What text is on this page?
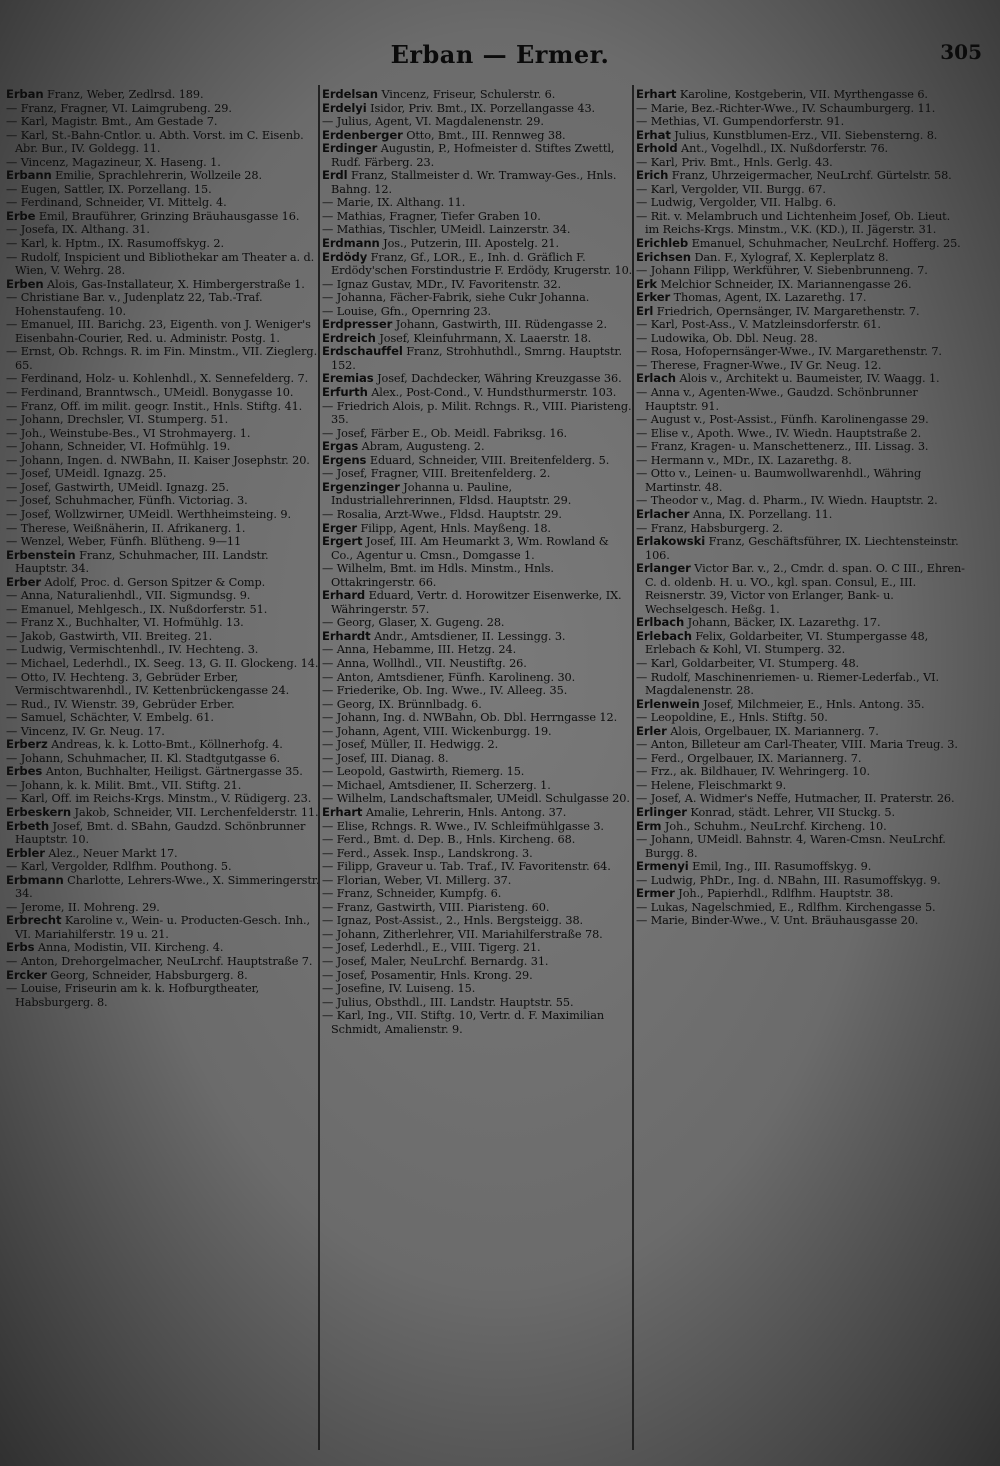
Erban — Ermer.	305

Erban Franz, Weber, Zedlrsd. 189.

— Franz, Fragner, VI. Laimgrubeng. 29.

— Karl, Magistr. Bmt., Am Gestade 7.

— Karl, St.-Bahn-Cntlor. u. Abth. Vorst. im C. Eisenb. Abr. Bur., IV. Goldegg. 11.

— Vincenz, Magazineur, X. Haseng. 1.

Erbann Emilie, Sprachlehrerin, Wollzeile 28.

— Eugen, Sattler, IX. Porzellang. 15.

— Ferdinand, Schneider, VI. Mittelg. 4.

Erbe Emil, Brauführer, Grinzing Bräuhausgasse 16.

— Josefa, IX. Althang. 31.

— Karl, k. Hptm., IX. Rasumoffskyg. 2.

— Rudolf, Inspicient und Bibliothekar am Theater a. d. Wien, V. Wehrg. 28.

Erben Alois, Gas-Installateur, X. Himbergerstraße 1.

— Christiane Bar. v., Judenplatz 22, Tab.-Traf. Hohenstaufeng. 10.

— Emanuel, III. Barichg. 23, Eigenth. von J. Weniger's Eisenbahn-Courier, Red. u. Administr. Postg. 1.

— Ernst, Ob. Rchngs. R. im Fin. Minstm., VII. Zieglerg. 65.

— Ferdinand, Holz- u. Kohlenhdl., X. Sennefelderg. 7.

— Ferdinand, Branntwsch., UMeidl. Bonygasse 10.

— Franz, Off. im milit. geogr. Instit., Hnls. Stiftg. 41.

— Johann, Drechsler, VI. Stumperg. 51.

— Joh., Weinstube-Bes., VI Strohmayerg. 1.

— Johann, Schneider, VI. Hofmühlg. 19.

— Johann, Ingen. d. NWBahn, II. Kaiser Josephstr. 20.

— Josef, UMeidl. Ignazg. 25.

— Josef, Gastwirth, UMeidl. Ignazg. 25.

— Josef, Schuhmacher, Fünfh. Victoriag. 3.

— Josef, Wollzwirner, UMeidl. Werthheimsteing. 9.

— Therese, Weißnäherin, II. Afrikanerg. 1.

— Wenzel, Weber, Fünfh. Blütheng. 9—11

Erbenstein Franz, Schuhmacher, III. Landstr. Hauptstr. 34.

Erber Adolf, Proc. d. Gerson Spitzer & Comp.

— Anna, Naturalienhdl., VII. Sigmundsg. 9.

— Emanuel, Mehlgesch., IX. Nußdorferstr. 51.

— Franz X., Buchhalter, VI. Hofmühlg. 13.

— Jakob, Gastwirth, VII. Breiteg. 21.

— Ludwig, Vermischtenhdl., IV. Hechteng. 3.

— Michael, Lederhdl., IX. Seeg. 13, G. II. Glockeng. 14.

— Otto, IV. Hechteng. 3, Gebrüder Erber, Vermischtwarenhdl., IV. Kettenbrückengasse 24.

— Rud., IV. Wienstr. 39, Gebrüder Erber.

— Samuel, Schächter, V. Embelg. 61.

— Vincenz, IV. Gr. Neug. 17.

Erberz Andreas, k. k. Lotto-Bmt., Köllnerhofg. 4.

— Johann, Schuhmacher, II. Kl. Stadtgutgasse 6.

Erbes Anton, Buchhalter, Heiligst. Gärtnergasse 35.

— Johann, k. k. Milit. Bmt., VII. Stiftg. 21.

— Karl, Off. im Reichs-Krgs. Minstm., V. Rüdigerg. 23.

Erbeskern Jakob, Schneider, VII. Lerchenfelderstr. 11.

Erbeth Josef, Bmt. d. SBahn, Gaudzd. Schönbrunner Hauptstr. 10.

Erbler Alez., Neuer Markt 17.

— Karl, Vergolder, Rdlfhm. Pouthong. 5.

Erbmann Charlotte, Lehrers-Wwe., X. Simmeringerstr. 34.

— Jerome, II. Mohreng. 29.

Erbrecht Karoline v., Wein- u. Producten-Gesch. Inh., VI. Mariahilferstr. 19 u. 21.

Erbs Anna, Modistin, VII. Kircheng. 4.

— Anton, Drehorgelmacher, NeuLrchf. Hauptstraße 7.

Ercker Georg, Schneider, Habsburgerg. 8.

— Louise, Friseurin am k. k. Hofburgtheater, Habsburgerg. 8.

Erdelsan Vincenz, Friseur, Schulerstr. 6.

Erdelyi Isidor, Priv. Bmt., IX. Porzellangasse 43.

— Julius, Agent, VI. Magdalenenstr. 29.

Erdenberger Otto, Bmt., III. Rennweg 38.

Erdinger Augustin, P., Hofmeister d. Stiftes Zwettl, Rudf. Färberg. 23.

Erdl Franz, Stallmeister d. Wr. Tramway-Ges., Hnls. Bahng. 12.

— Marie, IX. Althang. 11.

— Mathias, Fragner, Tiefer Graben 10.

— Mathias, Tischler, UMeidl. Lainzerstr. 34.

Erdmann Jos., Putzerin, III. Apostelg. 21.

Erdödy Franz, Gf., LOR., E., Inh. d. Gräflich F. Erdödy'schen Forstindustrie F. Erdödy, Krugerstr. 10.

— Ignaz Gustav, MDr., IV. Favoritenstr. 32.

— Johanna, Fächer-Fabrik, siehe Cukr Johanna.

— Louise, Gfn., Opernring 23.

Erdpresser Johann, Gastwirth, III. Rüdengasse 2.

Erdreich Josef, Kleinfuhrmann, X. Laaerstr. 18.

Erdschauffel Franz, Strohhuthdl., Smrng. Hauptstr. 152.

Eremias Josef, Dachdecker, Währing Kreuzgasse 36.

Erfurth Alex., Post-Cond., V. Hundsthurmerstr. 103.

— Friedrich Alois, p. Milit. Rchngs. R., VIII. Piaristeng. 35.

— Josef, Färber E., Ob. Meidl. Fabriksg. 16.

Ergas Abram, Augusteng. 2.

Ergens Eduard, Schneider, VIII. Breitenfelderg. 5.

— Josef, Fragner, VIII. Breitenfelderg. 2.

Ergenzinger Johanna u. Pauline, Industriallehrerinnen, Fldsd. Hauptstr. 29.

— Rosalia, Arzt-Wwe., Fldsd. Hauptstr. 29.

Erger Filipp, Agent, Hnls. Mayßeng. 18.

Ergert Josef, III. Am Heumarkt 3, Wm. Rowland & Co., Agentur u. Cmsn., Domgasse 1.

— Wilhelm, Bmt. im Hdls. Minstm., Hnls. Ottakringerstr. 66.

Erhard Eduard, Vertr. d. Horowitzer Eisenwerke, IX. Währingerstr. 57.

— Georg, Glaser, X. Gugeng. 28.

Erhardt Andr., Amtsdiener, II. Lessingg. 3.

— Anna, Hebamme, III. Hetzg. 24.

— Anna, Wollhdl., VII. Neustiftg. 26.

— Anton, Amtsdiener, Fünfh. Karolineng. 30.

— Friederike, Ob. Ing. Wwe., IV. Alleeg. 35.

— Georg, IX. Brünnlbadg. 6.

— Johann, Ing. d. NWBahn, Ob. Dbl. Herrngasse 12.

— Johann, Agent, VIII. Wickenburgg. 19.

— Josef, Müller, II. Hedwigg. 2.

— Josef, III. Dianag. 8.

— Leopold, Gastwirth, Riemerg. 15.

— Michael, Amtsdiener, II. Scherzerg. 1.

— Wilhelm, Landschaftsmaler, UMeidl. Schulgasse 20.

Erhart Amalie, Lehrerin, Hnls. Antong. 37.

— Elise, Rchngs. R. Wwe., IV. Schleifmühlgasse 3.

— Ferd., Bmt. d. Dep. B., Hnls. Kircheng. 68.

— Ferd., Assek. Insp., Landskrong. 3.

— Filipp, Graveur u. Tab. Traf., IV. Favoritenstr. 64.

— Florian, Weber, VI. Millerg. 37.

— Franz, Schneider, Kumpfg. 6.

— Franz, Gastwirth, VIII. Piaristeng. 60.

— Ignaz, Post-Assist., 2., Hnls. Bergsteigg. 38.

— Johann, Zitherlehrer, VII. Mariahilferstraße 78.

— Josef, Lederhdl., E., VIII. Tigerg. 21.

— Josef, Maler, NeuLrchf. Bernardg. 31.

— Josef, Posamentir, Hnls. Krong. 29.

— Josefine, IV. Luiseng. 15.

— Julius, Obsthdl., III. Landstr. Hauptstr. 55.

— Karl, Ing., VII. Stiftg. 10, Vertr. d. F. Maximilian Schmidt, Amalienstr. 9.

Erhart Karoline, Kostgeberin, VII. Myrthengasse 6.

— Marie, Bez.-Richter-Wwe., IV. Schaumburgerg. 11.

— Methias, VI. Gumpendorferstr. 91.

Erhat Julius, Kunstblumen-Erz., VII. Siebensterng. 8.

Erhold Ant., Vogelhdl., IX. Nußdorferstr. 76.

— Karl, Priv. Bmt., Hnls. Gerlg. 43.

Erich Franz, Uhrzeigermacher, NeuLrchf. Gürtelstr. 58.

— Karl, Vergolder, VII. Burgg. 67.

— Ludwig, Vergolder, VII. Halbg. 6.

— Rit. v. Melambruch und Lichtenheim Josef, Ob. Lieut. im Reichs-Krgs. Minstm., V.K. (KD.), II. Jägerstr. 31.

Erichleb Emanuel, Schuhmacher, NeuLrchf. Hofferg. 25.

Erichsen Dan. F., Xylograf, X. Keplerplatz 8.

— Johann Filipp, Werkführer, V. Siebenbrunneng. 7.

Erk Melchior Schneider, IX. Mariannengasse 26.

Erker Thomas, Agent, IX. Lazarethg. 17.

Erl Friedrich, Opernsänger, IV. Margarethenstr. 7.

— Karl, Post-Ass., V. Matzleinsdorferstr. 61.

— Ludowika, Ob. Dbl. Neug. 28.

— Rosa, Hofopernsänger-Wwe., IV. Margarethenstr. 7.

— Therese, Fragner-Wwe., IV Gr. Neug. 12.

Erlach Alois v., Architekt u. Baumeister, IV. Waagg. 1.

— Anna v., Agenten-Wwe., Gaudzd. Schönbrunner Hauptstr. 91.

— August v., Post-Assist., Fünfh. Karolinengasse 29.

— Elise v., Apoth. Wwe., IV. Wiedn. Hauptstraße 2.

— Franz, Kragen- u. Manschettenerz., III. Lissag. 3.

— Hermann v., MDr., IX. Lazarethg. 8.

— Otto v., Leinen- u. Baumwollwarenhdl., Währing Martinstr. 48.

— Theodor v., Mag. d. Pharm., IV. Wiedn. Hauptstr. 2.

Erlacher Anna, IX. Porzellang. 11.

— Franz, Habsburgerg. 2.

Erlakowski Franz, Geschäftsführer, IX. Liechtensteinstr. 106.

Erlanger Victor Bar. v., 2., Cmdr. d. span. O. C III., Ehren-C. d. oldenb. H. u. VO., kgl. span. Consul, E., III. Reisnerstr. 39, Victor von Erlanger, Bank- u. Wechselgesch. Heßg. 1.

Erlbach Johann, Bäcker, IX. Lazarethg. 17.

Erlebach Felix, Goldarbeiter, VI. Stumpergasse 48, Erlebach & Kohl, VI. Stumperg. 32.

— Karl, Goldarbeiter, VI. Stumperg. 48.

— Rudolf, Maschinenriemen- u. Riemer-Lederfab., VI. Magdalenenstr. 28.

Erlenwein Josef, Milchmeier, E., Hnls. Antong. 35.

— Leopoldine, E., Hnls. Stiftg. 50.

Erler Alois, Orgelbauer, IX. Mariannerg. 7.

— Anton, Billeteur am Carl-Theater, VIII. Maria Treug. 3.

— Ferd., Orgelbauer, IX. Mariannerg. 7.

— Frz., ak. Bildhauer, IV. Wehringerg. 10.

— Helene, Fleischmarkt 9.

— Josef, A. Widmer's Neffe, Hutmacher, II. Praterstr. 26.

Erlinger Konrad, städt. Lehrer, VII Stuckg. 5.

Erm Joh., Schuhm., NeuLrchf. Kircheng. 10.

— Johann, UMeidl. Bahnstr. 4, Waren-Cmsn. NeuLrchf. Burgg. 8.

Ermenyi Emil, Ing., III. Rasumoffskyg. 9.

— Ludwig, PhDr., Ing. d. NBahn, III. Rasumoffskyg. 9.

Ermer Joh., Papierhdl., Rdlfhm. Hauptstr. 38.

— Lukas, Nagelschmied, E., Rdlfhm. Kirchengasse 5.

— Marie, Binder-Wwe., V. Unt. Bräuhausgasse 20.
